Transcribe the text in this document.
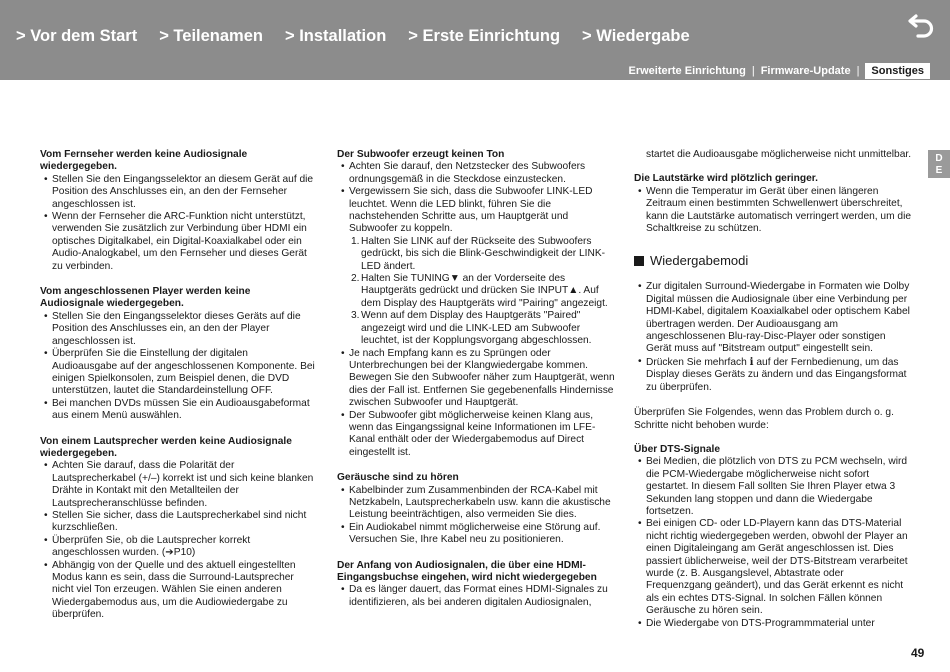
> Vor dem Start > Teilenamen > Installation > Erste Einrichtung > Wiedergabe
Erweiterte Einrichtung | Firmware-Update |	Sonstiges
D
E
Vom Fernseher werden keine Audiosignale wiedergegeben.
• Stellen Sie den Eingangsselektor an diesem Gerät auf die Position des Anschlusses ein, an den der Fernseher angeschlossen ist.
• Wenn der Fernseher die ARC-Funktion nicht unterstützt, verwenden Sie zusätzlich zur Verbindung über HDMI ein optisches Digitalkabel, ein Digital-Koaxialkabel oder ein Audio-Analogkabel, um den Fernseher und dieses Gerät zu verbinden.
Vom angeschlossenen Player werden keine Audiosignale wiedergegeben.
• Stellen Sie den Eingangsselektor dieses Geräts auf die Position des Anschlusses ein, an den der Player angeschlossen ist.
• Überprüfen Sie die Einstellung der digitalen Audioausgabe auf der angeschlossenen Komponente. Bei einigen Spielkonsolen, zum Beispiel denen, die DVD unterstützen, lautet die Standardeinstellung OFF.
• Bei manchen DVDs müssen Sie ein Audioausgabeformat aus einem Menü auswählen.
Von einem Lautsprecher werden keine Audiosignale wiedergegeben.
• Achten Sie darauf, dass die Polarität der Lautsprecherkabel (+/–) korrekt ist und sich keine blanken Drähte in Kontakt mit den Metallteilen der Lautsprecheranschlüsse befinden.
• Stellen Sie sicher, dass die Lautsprecherkabel sind nicht kurzschließen.
• Überprüfen Sie, ob die Lautsprecher korrekt angeschlossen wurden. (➔P10)
• Abhängig von der Quelle und des aktuell eingestellten Modus kann es sein, dass die Surround-Lautsprecher nicht viel Ton erzeugen. Wählen Sie einen anderen Wiedergabemodus aus, um die Audiowiedergabe zu überprüfen.
Der Subwoofer erzeugt keinen Ton
• Achten Sie darauf, den Netzstecker des Subwoofers ordnungsgemäß in die Steckdose einzustecken.
• Vergewissern Sie sich, dass die Subwoofer LINK-LED leuchtet. Wenn die LED blinkt, führen Sie die nachstehenden Schritte aus, um Hauptgerät und Subwoofer zu koppeln.
1. Halten Sie LINK auf der Rückseite des Subwoofers gedrückt, bis sich die Blink-Geschwindigkeit der LINK-LED ändert.
2. Halten Sie TUNING▼ an der Vorderseite des Hauptgeräts gedrückt und drücken Sie INPUT▲. Auf dem Display des Hauptgeräts wird "Pairing" angezeigt.
3. Wenn auf dem Display des Hauptgeräts "Paired" angezeigt wird und die LINK-LED am Subwoofer leuchtet, ist der Kopplungsvorgang abgeschlossen.
• Je nach Empfang kann es zu Sprüngen oder Unterbrechungen bei der Klangwiedergabe kommen. Bewegen Sie den Subwoofer näher zum Hauptgerät, wenn dies der Fall ist. Entfernen Sie gegebenenfalls Hindernisse zwischen Subwoofer und Hauptgerät.
• Der Subwoofer gibt möglicherweise keinen Klang aus, wenn das Eingangssignal keine Informationen im LFE-Kanal enthält oder der Wiedergabemodus auf Direct eingestellt ist.
Geräusche sind zu hören
• Kabelbinder zum Zusammenbinden der RCA-Kabel mit Netzkabeln, Lautsprecherkabeln usw. kann die akustische Leistung beeinträchtigen, also vermeiden Sie dies.
• Ein Audiokabel nimmt möglicherweise eine Störung auf. Versuchen Sie, Ihre Kabel neu zu positionieren.
Der Anfang von Audiosignalen, die über eine HDMI-Eingangsbuchse eingehen, wird nicht wiedergegeben
• Da es länger dauert, das Format eines HDMI-Signales zu identifizieren, als bei anderen digitalen Audiosignalen,
startet die Audioausgabe möglicherweise nicht unmittelbar.
Die Lautstärke wird plötzlich geringer.
• Wenn die Temperatur im Gerät über einen längeren Zeitraum einen bestimmten Schwellenwert überschreitet, kann die Lautstärke automatisch verringert werden, um die Schaltkreise zu schützen.
Wiedergabemodi
• Zur digitalen Surround-Wiedergabe in Formaten wie Dolby Digital müssen die Audiosignale über eine Verbindung per HDMI-Kabel, digitalem Koaxialkabel oder optischem Kabel übertragen werden. Der Audioausgang am angeschlossenen Blu-ray-Disc-Player oder sonstigen Gerät muss auf "Bitstream output" eingestellt sein.
• Drücken Sie mehrfach i auf der Fernbedienung, um das Display dieses Geräts zu ändern und das Eingangsformat zu überprüfen.

Überprüfen Sie Folgendes, wenn das Problem durch o. g. Schritte nicht behoben wurde:

Über DTS-Signale
• Bei Medien, die plötzlich von DTS zu PCM wechseln, wird die PCM-Wiedergabe möglicherweise nicht sofort gestartet. In diesem Fall sollten Sie Ihren Player etwa 3 Sekunden lang stoppen und dann die Wiedergabe fortsetzen.
• Bei einigen CD- oder LD-Playern kann das DTS-Material nicht richtig wiedergegeben werden, obwohl der Player an einen Digitaleingang am Gerät angeschlossen ist. Dies passiert üblicherweise, weil der DTS-Bitstream verarbeitet wurde (z. B. Ausgangslevel, Abtastrate oder Frequenzgang geändert), und das Gerät erkennt es nicht als ein echtes DTS-Signal. In solchen Fällen können Geräusche zu hören sein.
• Die Wiedergabe von DTS-Programmmaterial unter
49
